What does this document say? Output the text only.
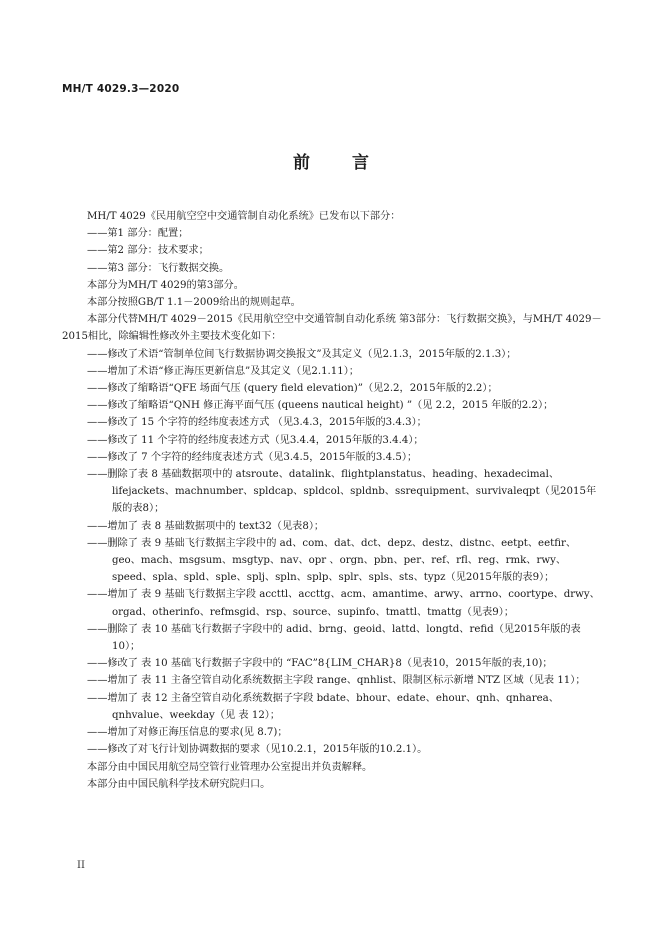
MH/T 4029.3—2020
前 言

MH/T 4029《民用航空空中交通管制自动化系统》已发布以下部分：

——第1 部分：配置；

——第2 部分：技术要求；

——第3 部分：飞行数据交换。

本部分为MH/T 4029的第3部分。

本部分按照GB/T 1.1－2009给出的规则起草。

本部分代替MH/T 4029－2015《民用航空空中交通管制自动化系统 第3部分：飞行数据交换》，与MH/T 4029－2015相比，除编辑性修改外主要技术变化如下：

——修改了术语“管制单位间飞行数据协调交换报文”及其定义（见2.1.3，2015年版的2.1.3）；

——增加了术语“修正海压更新信息”及其定义（见2.1.11）；

——修改了缩略语“QFE 场面气压 (query field elevation)”（见2.2，2015年版的2.2）；

——修改了缩略语“QNH 修正海平面气压 (queens nautical height) ”（见 2.2，2015 年版的2.2）；

——修改了 15 个字符的经纬度表述方式 （见3.4.3，2015年版的3.4.3）；

——修改了 11 个字符的经纬度表述方式（见3.4.4，2015年版的3.4.4）；

——修改了 7 个字符的经纬度表述方式（见3.4.5，2015年版的3.4.5）；

——删除了表 8 基础数据项中的 atsroute、datalink、flightplanstatus、heading、hexadecimal、lifejackets、machnumber、spldcap、spldcol、spldnb、ssrequipment、survivaleqpt（见2015年版的表8）；

——增加了 表 8 基础数据项中的 text32（见表8）；

——删除了 表 9 基础飞行数据主字段中的 ad、com、dat、dct、depz、destz、distnc、eetpt、eetfir、geo、mach、msgsum、msgtyp、nav、opr 、orgn、pbn、per、ref、rfl、reg、rmk、rwy、speed、spla、spld、sple、splj、spln、splp、splr、spls、sts、typz（见2015年版的表9）；

——增加了 表 9 基础飞行数据主字段 accttl、accttg、acm、amantime、arwy、arrno、coortype、drwy、orgad、otherinfo、refmsgid、rsp、source、supinfo、tmattl、tmattg（见表9）；

——删除了 表 10 基础飞行数据子字段中的 adid、brng、geoid、lattd、longtd、refid（见2015年版的表10）；

——修改了 表 10 基础飞行数据子字段中的 “FAC”8{LIM_CHAR}8（见表10，2015年版的表,10)；

——增加了 表 11 主备空管自动化系统数据主字段 range、qnhlist、限制区标示新增 NTZ 区域（见表 11）；

——增加了 表 12 主备空管自动化系统数据子字段 bdate、bhour、edate、ehour、qnh、qnharea、qnhvalue、weekday（见 表 12）；

——增加了对修正海压信息的要求(见 8.7)；

——修改了对飞行计划协调数据的要求（见10.2.1，2015年版的10.2.1）。

本部分由中国民用航空局空管行业管理办公室提出并负责解释。

本部分由中国民航科学技术研究院归口。

II
